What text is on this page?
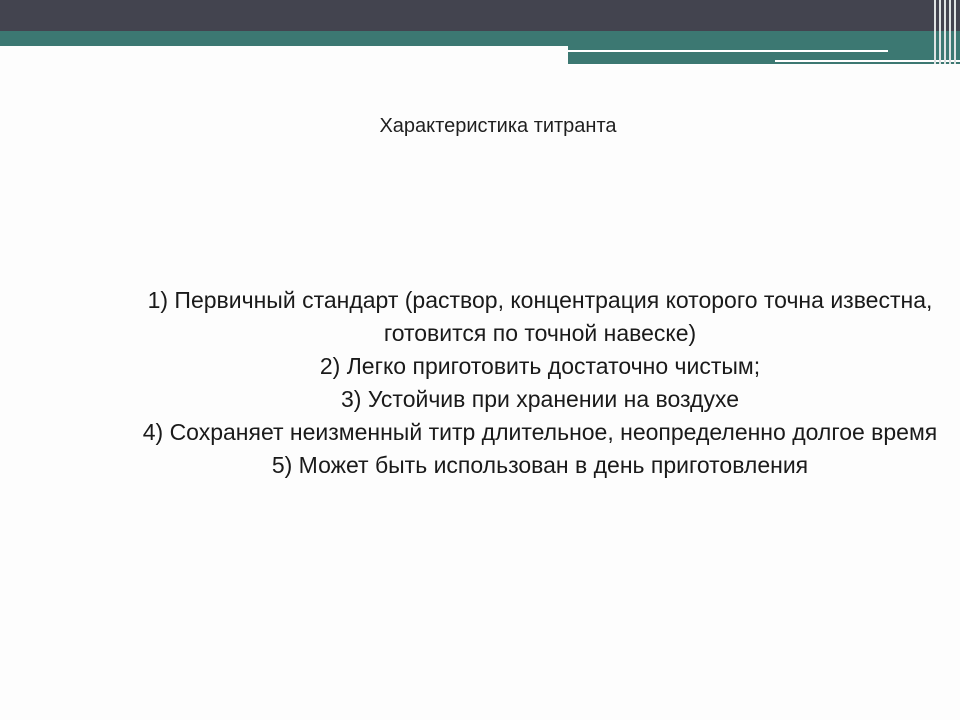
Характеристика титранта
1) Первичный стандарт (раствор, концентрация которого точна известна,
готовится по точной навеске)
2) Легко приготовить достаточно чистым;
3) Устойчив при хранении на воздухе
4) Сохраняет неизменный титр длительное, неопределенно долгое время
5) Может быть использован в день приготовления
